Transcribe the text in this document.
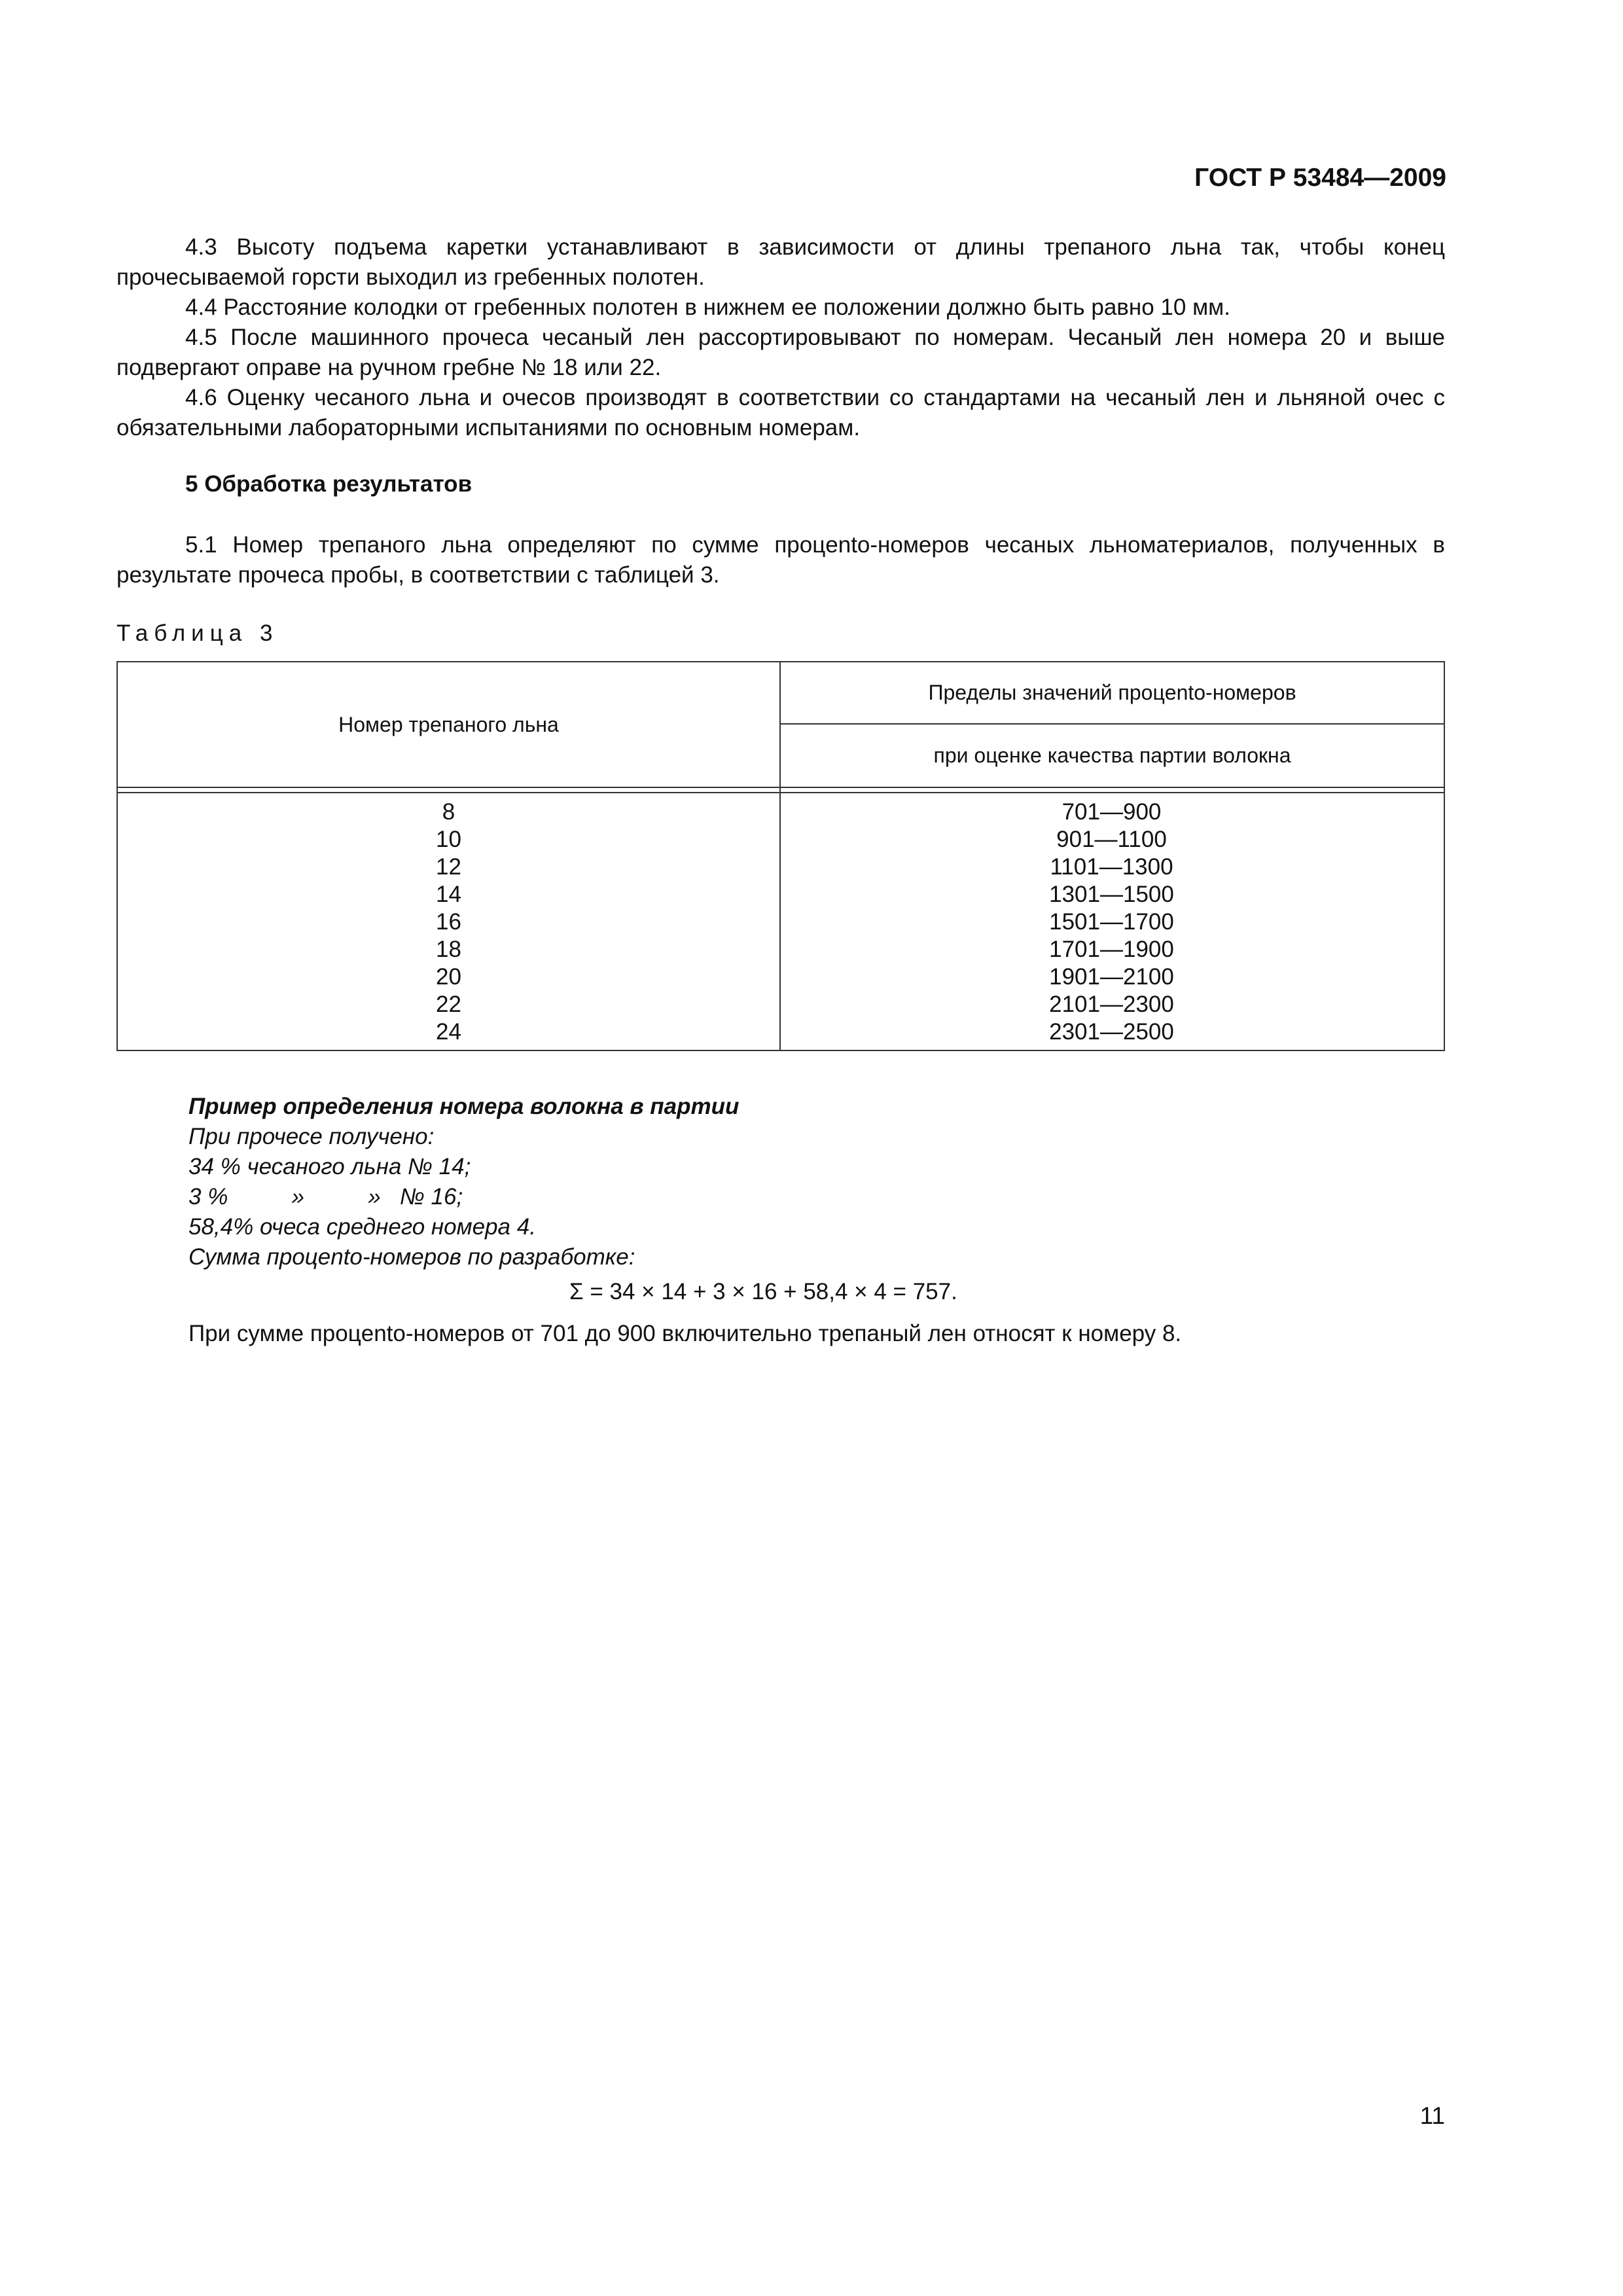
ГОСТ Р 53484—2009

4.3 Высоту подъема каретки устанавливают в зависимости от длины трепаного льна так, чтобы конец прочесываемой горсти выходил из гребенных полотен.

4.4 Расстояние колодки от гребенных полотен в нижнем ее положении должно быть равно 10 мм.

4.5 После машинного прочеса чесаный лен рассортировывают по номерам. Чесаный лен номера 20 и выше подвергают оправе на ручном гребне № 18 или 22.

4.6 Оценку чесаного льна и очесов производят в соответствии со стандартами на чесаный лен и льняной очес с обязательными лабораторными испытаниями по основным номерам.

5 Обработка результатов

5.1 Номер трепаного льна определяют по сумме процento-номеров чесаных льноматериалов, полученных в результате прочеса пробы, в соответствии с таблицей 3.

Таблица 3
Номер трепаного льна
Пределы значений процento-номеров
при оценке качества партии волокна
8	701—900
10	901—1100
12	1101—1300
14	1301—1500
16	1501—1700
18	1701—1900
20	1901—2100
22	2101—2300
24	2301—2500
Пример определения номера волокна в партии
При прочесе получено:
34 % чесаного льна № 14;
3 %          »          »   № 16;
58,4% очеса среднего номера 4.
Сумма процento-номеров по разработке:
Σ = 34 × 14 + 3 × 16 + 58,4 × 4 = 757.
При сумме процento-номеров от 701 до 900 включительно трепаный лен относят к номеру 8.
11
